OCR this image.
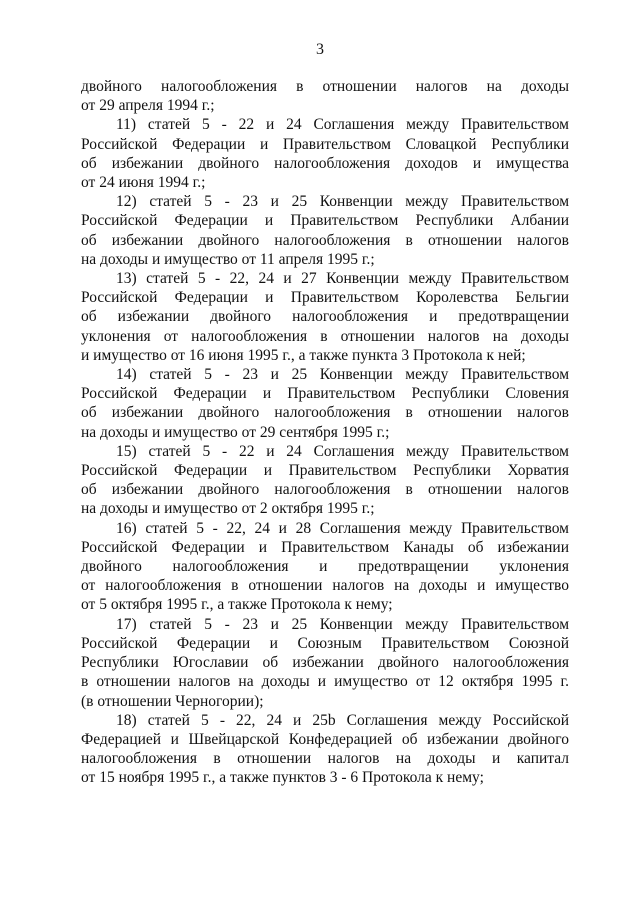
3
двойного налогообложения в отношении налогов на доходы
от 29 апреля 1994 г.;
11) статей 5 - 22 и 24 Соглашения между Правительством
Российской Федерации и Правительством Словацкой Республики
об избежании двойного налогообложения доходов и имущества
от 24 июня 1994 г.;
12) статей 5 - 23 и 25 Конвенции между Правительством
Российской Федерации и Правительством Республики Албании
об избежании двойного налогообложения в отношении налогов
на доходы и имущество от 11 апреля 1995 г.;
13) статей 5 - 22, 24 и 27 Конвенции между Правительством
Российской Федерации и Правительством Королевства Бельгии
об избежании двойного налогообложения и предотвращении
уклонения от налогообложения в отношении налогов на доходы
и имущество от 16 июня 1995 г., а также пункта 3 Протокола к ней;
14) статей 5 - 23 и 25 Конвенции между Правительством
Российской Федерации и Правительством Республики Словения
об избежании двойного налогообложения в отношении налогов
на доходы и имущество от 29 сентября 1995 г.;
15) статей 5 - 22 и 24 Соглашения между Правительством
Российской Федерации и Правительством Республики Хорватия
об избежании двойного налогообложения в отношении налогов
на доходы и имущество от 2 октября 1995 г.;
16) статей 5 - 22, 24 и 28 Соглашения между Правительством
Российской Федерации и Правительством Канады об избежании
двойного налогообложения и предотвращении уклонения
от налогообложения в отношении налогов на доходы и имущество
от 5 октября 1995 г., а также Протокола к нему;
17) статей 5 - 23 и 25 Конвенции между Правительством
Российской Федерации и Союзным Правительством Союзной
Республики Югославии об избежании двойного налогообложения
в отношении налогов на доходы и имущество от 12 октября 1995 г.
(в отношении Черногории);
18) статей 5 - 22, 24 и 25b Соглашения между Российской
Федерацией и Швейцарской Конфедерацией об избежании двойного
налогообложения в отношении налогов на доходы и капитал
от 15 ноября 1995 г., а также пунктов 3 - 6 Протокола к нему;
